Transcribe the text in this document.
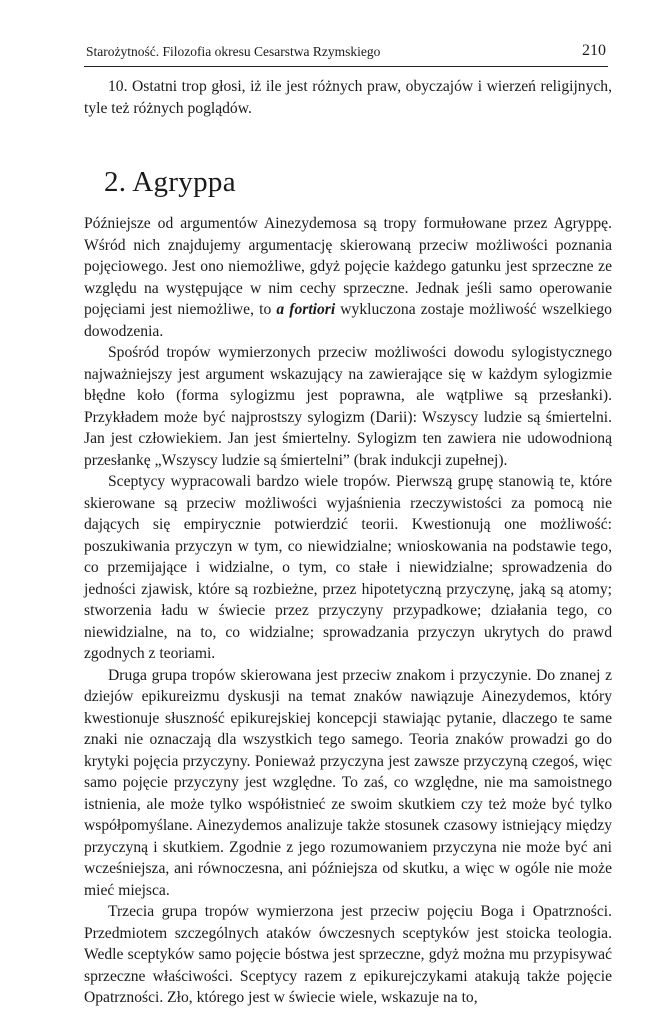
Starożytność. Filozofia okresu Cesarstwa Rzymskiego	210

10. Ostatni trop głosi, iż ile jest różnych praw, obyczajów i wierzeń religijnych, tyle też różnych poglądów.

2. Agryppa

Późniejsze od argumentów Ainezydemosa są tropy formułowane przez Agryppę. Wśród nich znajdujemy argumentację skierowaną przeciw możliwości poznania pojęciowego. Jest ono niemożliwe, gdyż pojęcie każdego gatunku jest sprzeczne ze względu na występujące w nim cechy sprzeczne. Jednak jeśli samo operowanie pojęciami jest niemożliwe, to a fortiori wykluczona zostaje możliwość wszelkiego dowodzenia.

Spośród tropów wymierzonych przeciw możliwości dowodu sylogistycznego najważniejszy jest argument wskazujący na zawierające się w każdym sylogizmie błędne koło (forma sylogizmu jest poprawna, ale wątpliwe są przesłanki). Przykładem może być najprostszy sylogizm (Darii): Wszyscy ludzie są śmiertelni. Jan jest człowiekiem. Jan jest śmiertelny. Sylogizm ten zawiera nie udowodnioną przesłankę „Wszyscy ludzie są śmiertelni” (brak indukcji zupełnej).

Sceptycy wypracowali bardzo wiele tropów. Pierwszą grupę stanowią te, które skierowane są przeciw możliwości wyjaśnienia rzeczywistości za pomocą nie dających się empirycznie potwierdzić teorii. Kwestionują one możliwość: poszukiwania przyczyn w tym, co niewidzialne; wnioskowania na podstawie tego, co przemijające i widzialne, o tym, co stałe i niewidzialne; sprowadzenia do jedności zjawisk, które są rozbieżne, przez hipotetyczną przyczynę, jaką są atomy; stworzenia ładu w świecie przez przyczyny przypadkowe; działania tego, co niewidzialne, na to, co widzialne; sprowadzania przyczyn ukrytych do prawd zgodnych z teoriami.

Druga grupa tropów skierowana jest przeciw znakom i przyczynie. Do znanej z dziejów epikureizmu dyskusji na temat znaków nawiązuje Ainezydemos, który kwestionuje słuszność epikurejskiej koncepcji stawiając pytanie, dlaczego te same znaki nie oznaczają dla wszystkich tego samego. Teoria znaków prowadzi go do krytyki pojęcia przyczyny. Ponieważ przyczyna jest zawsze przyczyną czegoś, więc samo pojęcie przyczyny jest względne. To zaś, co względne, nie ma samoistnego istnienia, ale może tylko współistnieć ze swoim skutkiem czy też może być tylko współpomyślane. Ainezydemos analizuje także stosunek czasowy istniejący między przyczyną i skutkiem. Zgodnie z jego rozumowaniem przyczyna nie może być ani wcześniejsza, ani równoczesna, ani późniejsza od skutku, a więc w ogóle nie może mieć miejsca.

Trzecia grupa tropów wymierzona jest przeciw pojęciu Boga i Opatrzności. Przedmiotem szczególnych ataków ówczesnych sceptyków jest stoicka teologia. Wedle sceptyków samo pojęcie bóstwa jest sprzeczne, gdyż można mu przypisywać sprzeczne właściwości. Sceptycy razem z epikurejczykami atakują także pojęcie Opatrzności. Zło, którego jest w świecie wiele, wskazuje na to,
